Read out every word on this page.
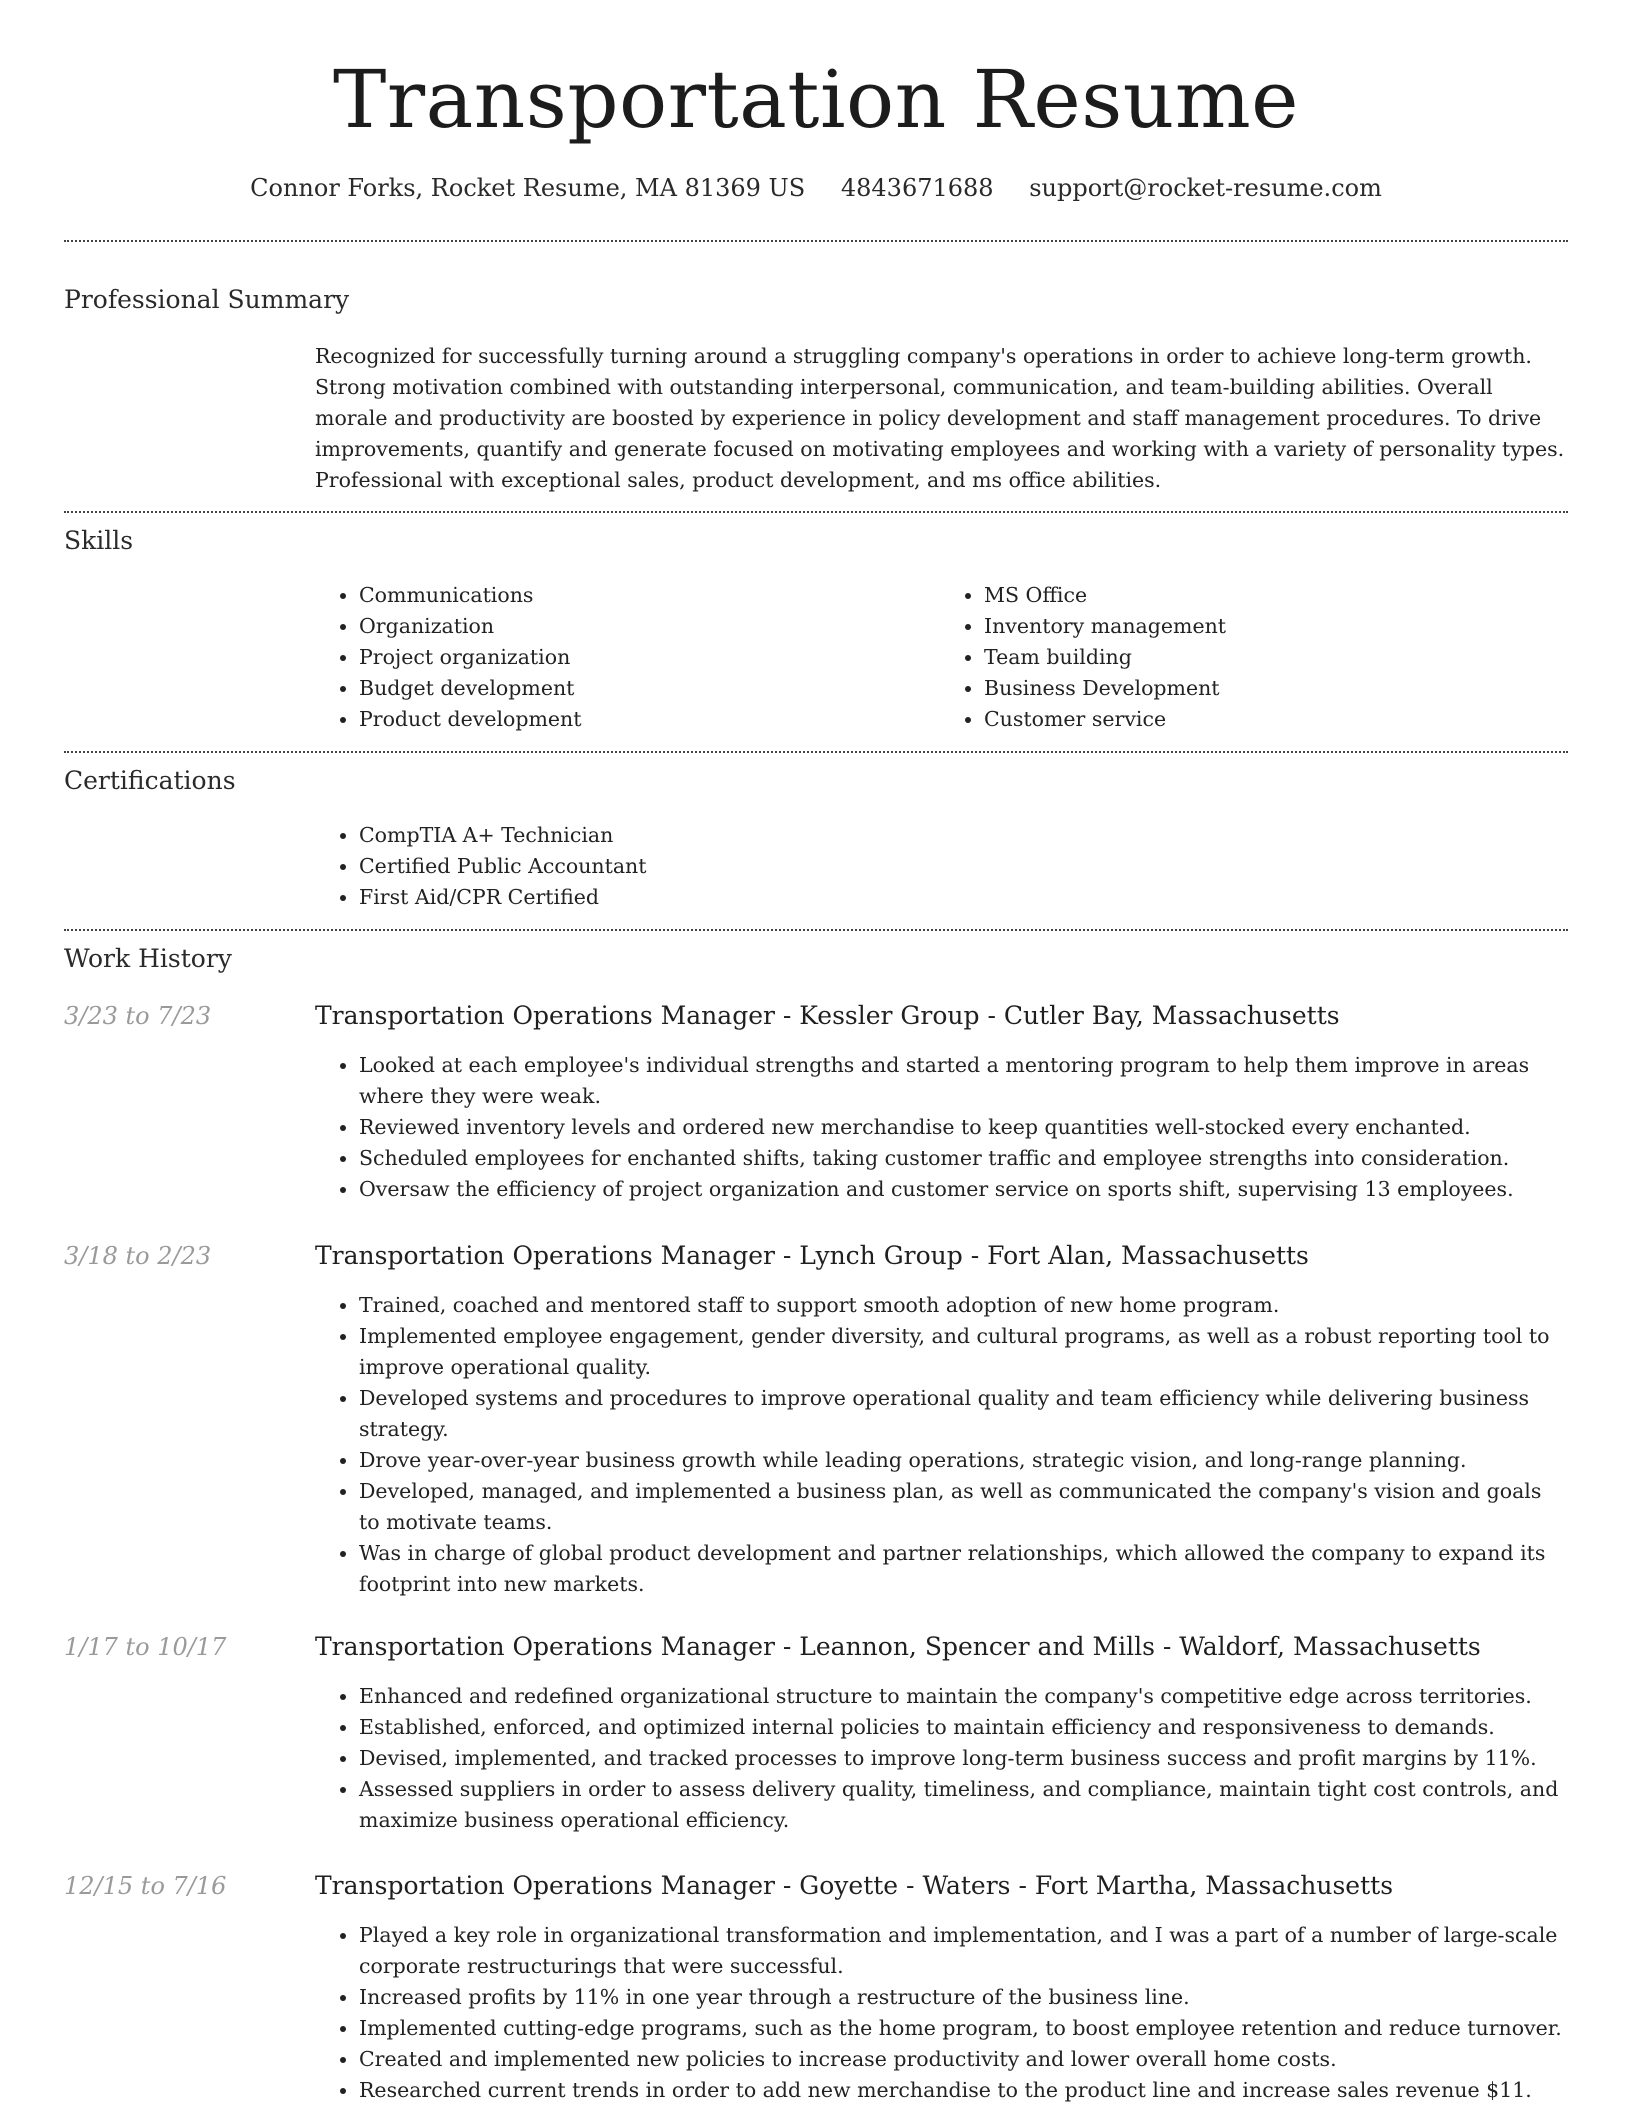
Transportation Resume
Connor Forks, Rocket Resume, MA 81369 US 4843671688 support@rocket-resume.com
Professional Summary
Recognized for successfully turning around a struggling company's operations in order to achieve long-term growth. Strong motivation combined with outstanding interpersonal, communication, and team-building abilities. Overall morale and productivity are boosted by experience in policy development and staff management procedures. To drive improvements, quantify and generate focused on motivating employees and working with a variety of personality types. Professional with exceptional sales, product development, and ms office abilities.
Skills
• Communications
• Organization
• Project organization
• Budget development
• Product development
• MS Office
• Inventory management
• Team building
• Business Development
• Customer service
Certifications
• CompTIA A+ Technician
• Certified Public Accountant
• First Aid/CPR Certified
Work History
3/23 to 7/23	Transportation Operations Manager - Kessler Group - Cutler Bay, Massachusetts
• Looked at each employee's individual strengths and started a mentoring program to help them improve in areas where they were weak.
• Reviewed inventory levels and ordered new merchandise to keep quantities well-stocked every enchanted.
• Scheduled employees for enchanted shifts, taking customer traffic and employee strengths into consideration.
• Oversaw the efficiency of project organization and customer service on sports shift, supervising 13 employees.
3/18 to 2/23	Transportation Operations Manager - Lynch Group - Fort Alan, Massachusetts
• Trained, coached and mentored staff to support smooth adoption of new home program.
• Implemented employee engagement, gender diversity, and cultural programs, as well as a robust reporting tool to improve operational quality.
• Developed systems and procedures to improve operational quality and team efficiency while delivering business strategy.
• Drove year-over-year business growth while leading operations, strategic vision, and long-range planning.
• Developed, managed, and implemented a business plan, as well as communicated the company's vision and goals to motivate teams.
• Was in charge of global product development and partner relationships, which allowed the company to expand its footprint into new markets.
1/17 to 10/17	Transportation Operations Manager - Leannon, Spencer and Mills - Waldorf, Massachusetts
• Enhanced and redefined organizational structure to maintain the company's competitive edge across territories.
• Established, enforced, and optimized internal policies to maintain efficiency and responsiveness to demands.
• Devised, implemented, and tracked processes to improve long-term business success and profit margins by 11%.
• Assessed suppliers in order to assess delivery quality, timeliness, and compliance, maintain tight cost controls, and maximize business operational efficiency.
12/15 to 7/16	Transportation Operations Manager - Goyette - Waters - Fort Martha, Massachusetts
• Played a key role in organizational transformation and implementation, and I was a part of a number of large-scale corporate restructurings that were successful.
• Increased profits by 11% in one year through a restructure of the business line.
• Implemented cutting-edge programs, such as the home program, to boost employee retention and reduce turnover.
• Created and implemented new policies to increase productivity and lower overall home costs.
• Researched current trends in order to add new merchandise to the product line and increase sales revenue $11.
